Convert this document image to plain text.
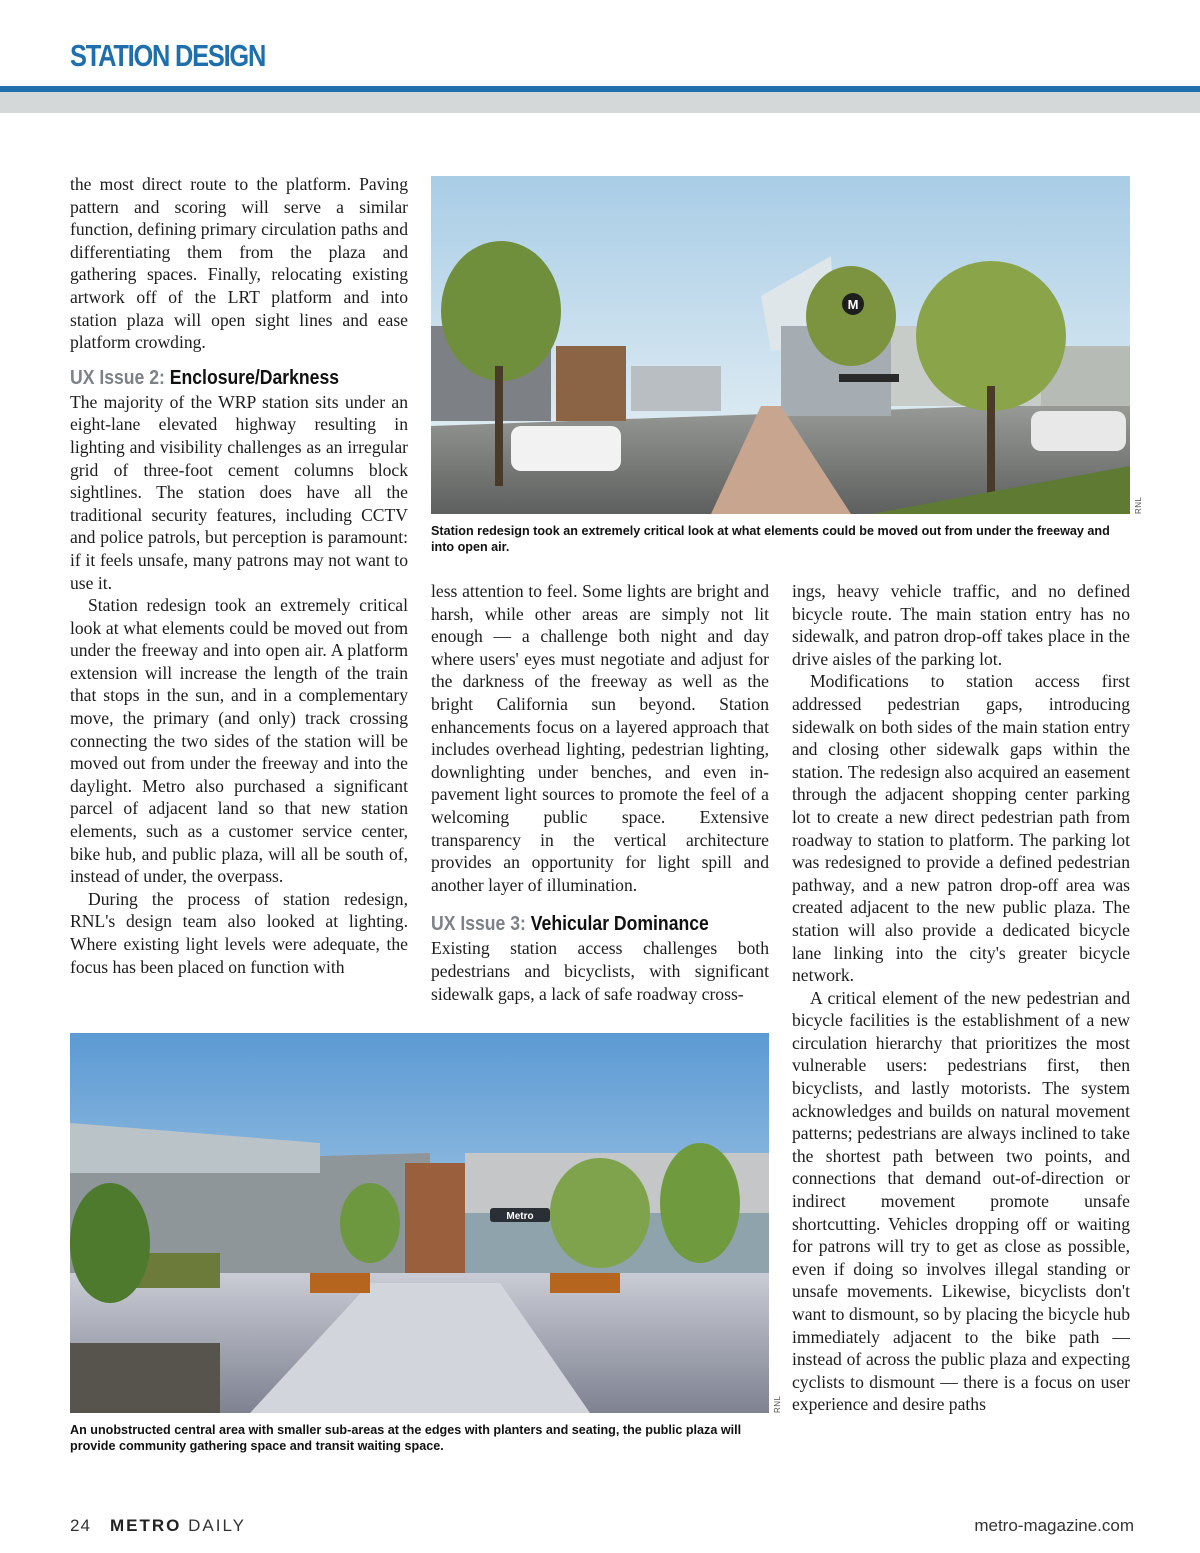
STATION DESIGN

the most direct route to the platform. Paving pattern and scoring will serve a similar function, defining primary circulation paths and differentiating them from the plaza and gathering spaces. Finally, relocating existing artwork off of the LRT platform and into station plaza will open sight lines and ease platform crowding.

UX Issue 2: Enclosure/Darkness

The majority of the WRP station sits under an eight-lane elevated highway resulting in lighting and visibility challenges as an irregular grid of three-foot cement columns block sightlines. The station does have all the traditional security features, including CCTV and police patrols, but perception is paramount: if it feels unsafe, many patrons may not want to use it.

Station redesign took an extremely critical look at what elements could be moved out from under the freeway and into open air. A platform extension will increase the length of the train that stops in the sun, and in a complementary move, the primary (and only) track crossing connecting the two sides of the station will be moved out from under the freeway and into the daylight. Metro also purchased a significant parcel of adjacent land so that new station elements, such as a customer service center, bike hub, and public plaza, will all be south of, instead of under, the overpass.

During the process of station redesign, RNL's design team also looked at lighting. Where existing light levels were adequate, the focus has been placed on function with

M
RNL
Station redesign took an extremely critical look at what elements could be moved out from under the freeway and into open air.

less attention to feel. Some lights are bright and harsh, while other areas are simply not lit enough — a challenge both night and day where users' eyes must negotiate and adjust for the darkness of the freeway as well as the bright California sun beyond. Station enhancements focus on a layered approach that includes overhead lighting, pedestrian lighting, downlighting under benches, and even in-pavement light sources to promote the feel of a welcoming public space. Extensive transparency in the vertical architecture provides an opportunity for light spill and another layer of illumination.

UX Issue 3: Vehicular Dominance

Existing station access challenges both pedestrians and bicyclists, with significant sidewalk gaps, a lack of safe roadway cross-

ings, heavy vehicle traffic, and no defined bicycle route. The main station entry has no sidewalk, and patron drop-off takes place in the drive aisles of the parking lot.

Modifications to station access first addressed pedestrian gaps, introducing sidewalk on both sides of the main station entry and closing other sidewalk gaps within the station. The redesign also acquired an easement through the adjacent shopping center parking lot to create a new direct pedestrian path from roadway to station to platform. The parking lot was redesigned to provide a defined pedestrian pathway, and a new patron drop-off area was created adjacent to the new public plaza. The station will also provide a dedicated bicycle lane linking into the city's greater bicycle network.

A critical element of the new pedestrian and bicycle facilities is the establishment of a new circulation hierarchy that prioritizes the most vulnerable users: pedestrians first, then bicyclists, and lastly motorists. The system acknowledges and builds on natural movement patterns; pedestrians are always inclined to take the shortest path between two points, and connections that demand out-of-direction or indirect movement promote unsafe shortcutting. Vehicles dropping off or waiting for patrons will try to get as close as possible, even if doing so involves illegal standing or unsafe movements. Likewise, bicyclists don't want to dismount, so by placing the bicycle hub immediately adjacent to the bike path — instead of across the public plaza and expecting cyclists to dismount — there is a focus on user experience and desire paths

Metro
RNL
An unobstructed central area with smaller sub-areas at the edges with planters and seating, the public plaza will provide community gathering space and transit waiting space.
24 METRO DAILY	metro-magazine.com
